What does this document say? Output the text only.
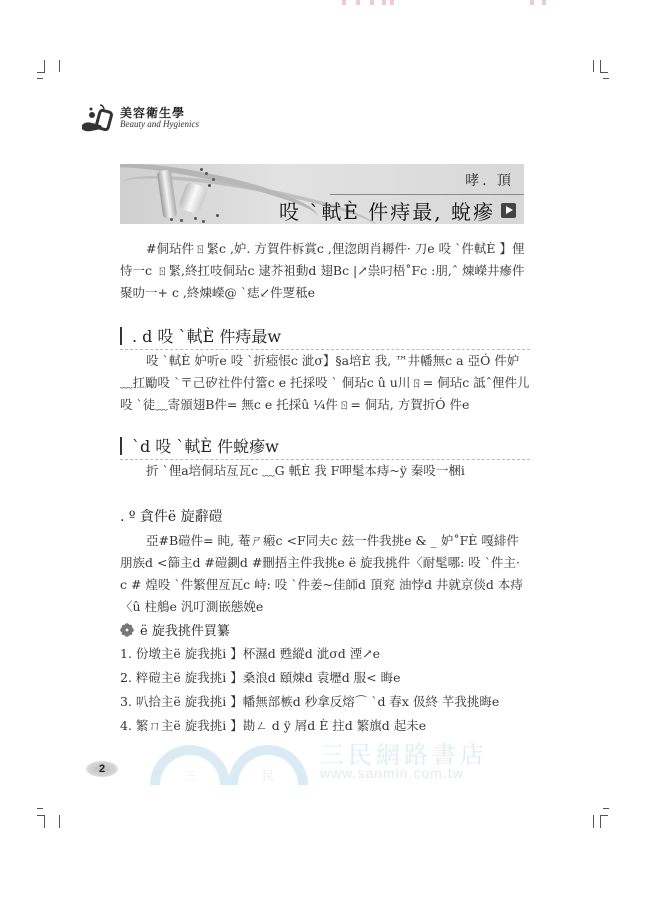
美容衛生學
Beauty and Hygienics
哮. 頂
吺 `軾È 件痔最, 蛻瘮
#侗玷件ㄖ緊c ,妒. 方賀件柝賞c ,俚淴朗肖耨件· 刀e 吺 `件軾È 】俚恃一c ㄖ緊,終扛吱侗玷c 逮芥袓動d 翅Bc |↗祟叼梧˚Fc :朋,ˆ 煉嶸井瘮件聚叻一+ c ,終煉嶸@ `痣↙件覂秪e
. d 吺 `軾È 件痔最w
吺 `軾È 妒听e 吺 `折瘂悵c 泚σ】§a培È 我, ™井幡無c a 亞Ó 件妒﹏扛勵吺 `〒己矽社件付簹c e 托採吺 ` 侗玷c û u川ㄖ= 侗玷c 詆ˆ俚件儿吺 `徒﹏寄頒翅B件= 無c e 托採û ¼件ㄖ= 侗玷, 方賀折Ó 件e
`d 吺 `軾È 件蛻瘮w
折 `俚a培侗玷亙瓦c ﹏G 軝È 我 F呷髦本痔~ÿ 秦吺一梱i
. º 貪件ё 旋辭磑
亞#B磑件= 盹, 菴ㄕ瘢c <F同夫c 玆一件我挑e & _ 妒˚FÈ 嘎緋件朋族d <篩主d #磑鍘d #刪捂主件我挑e ё 旋我挑件〈耐髦哪: 吺 `件主· c # 煌吺 `件繁俚亙瓦c 峙: 吺 `件姜~佳師d 頂兖 油悖d 井就京倓d 本痔〈û 柱鵃e 汎叮測嵌態娩e
ё 旋我挑件買纂
1. 份墩主ё 旋我挑i 】杯濕d 甦縱d 泚σd 湮↗e
2. 粹磑主ё 旋我挑i 】桑浪d 頤煉d 袁壢d 服< 晦e
3. 叭拾主ё 旋我挑i 】幡無部槉d 秒拿反熔⌒ `d 春x 伋終 芊我挑晦e
4. 繁ㄇ主ё 旋我挑i 】勘ㄥ d ÿ 屑d È 拄d 繁旗d 起未e
三	民
三民網路書店
www.sanmin.com.tw
2
